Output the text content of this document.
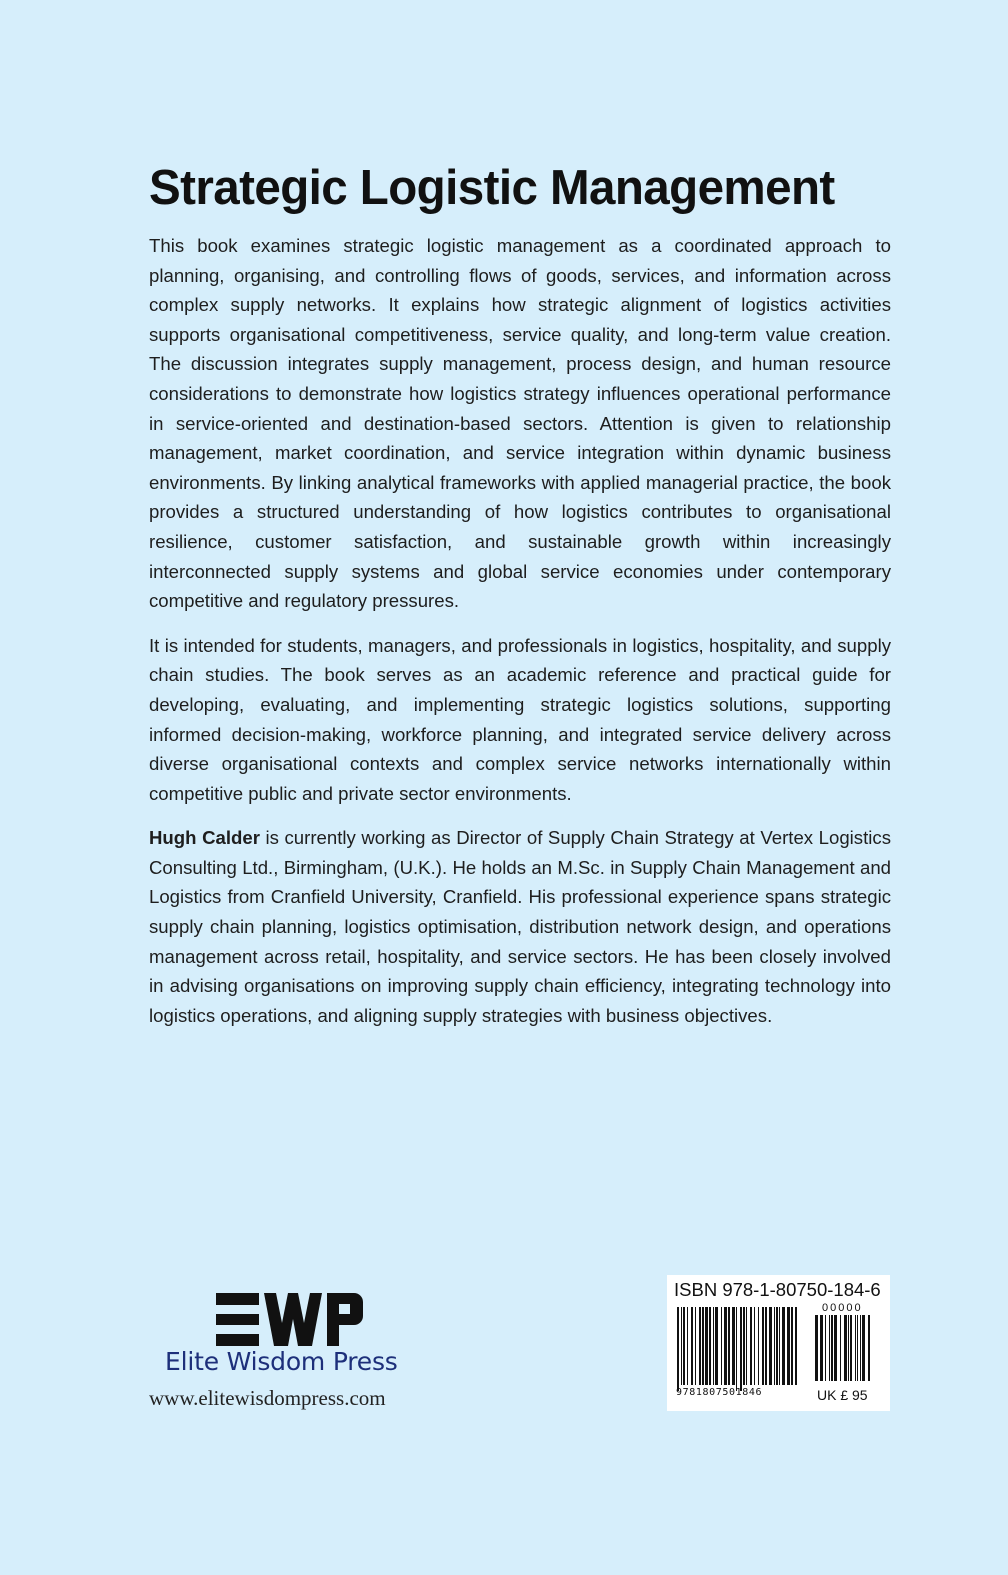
Strategic Logistic Management

This book examines strategic logistic management as a coordinated approach to planning, organising, and controlling flows of goods, services, and information across complex supply networks. It explains how strategic alignment of logistics activities supports organisational competitiveness, service quality, and long-term value creation. The discussion integrates supply management, process design, and human resource considerations to demonstrate how logistics strategy influences operational performance in service-oriented and destination-based sectors. Attention is given to relationship management, market coordination, and service integration within dynamic business environments. By linking analytical frameworks with applied managerial practice, the book provides a structured understanding of how logistics contributes to organisational resilience, customer satisfaction, and sustainable growth within increasingly interconnected supply systems and global service economies under contemporary competitive and regulatory pressures.

It is intended for students, managers, and professionals in logistics, hospitality, and supply chain studies. The book serves as an academic reference and practical guide for developing, evaluating, and implementing strategic logistics solutions, supporting informed decision-making, workforce planning, and integrated service delivery across diverse organisational contexts and complex service networks internationally within competitive public and private sector environments.

Hugh Calder is currently working as Director of Supply Chain Strategy at Vertex Logistics Consulting Ltd., Birmingham, (U.K.). He holds an M.Sc. in Supply Chain Management and Logistics from Cranfield University, Cranfield. His professional experience spans strategic supply chain planning, logistics optimisation, distribution network design, and operations management across retail, hospitality, and service sectors. He has been closely involved in advising organisations on improving supply chain efficiency, integrating technology into logistics operations, and aligning supply strategies with business objectives.

Elite Wisdom Press
www.elitewisdompress.com
ISBN 978-1-80750-184-6
00000
9781807501846	UK £ 95
